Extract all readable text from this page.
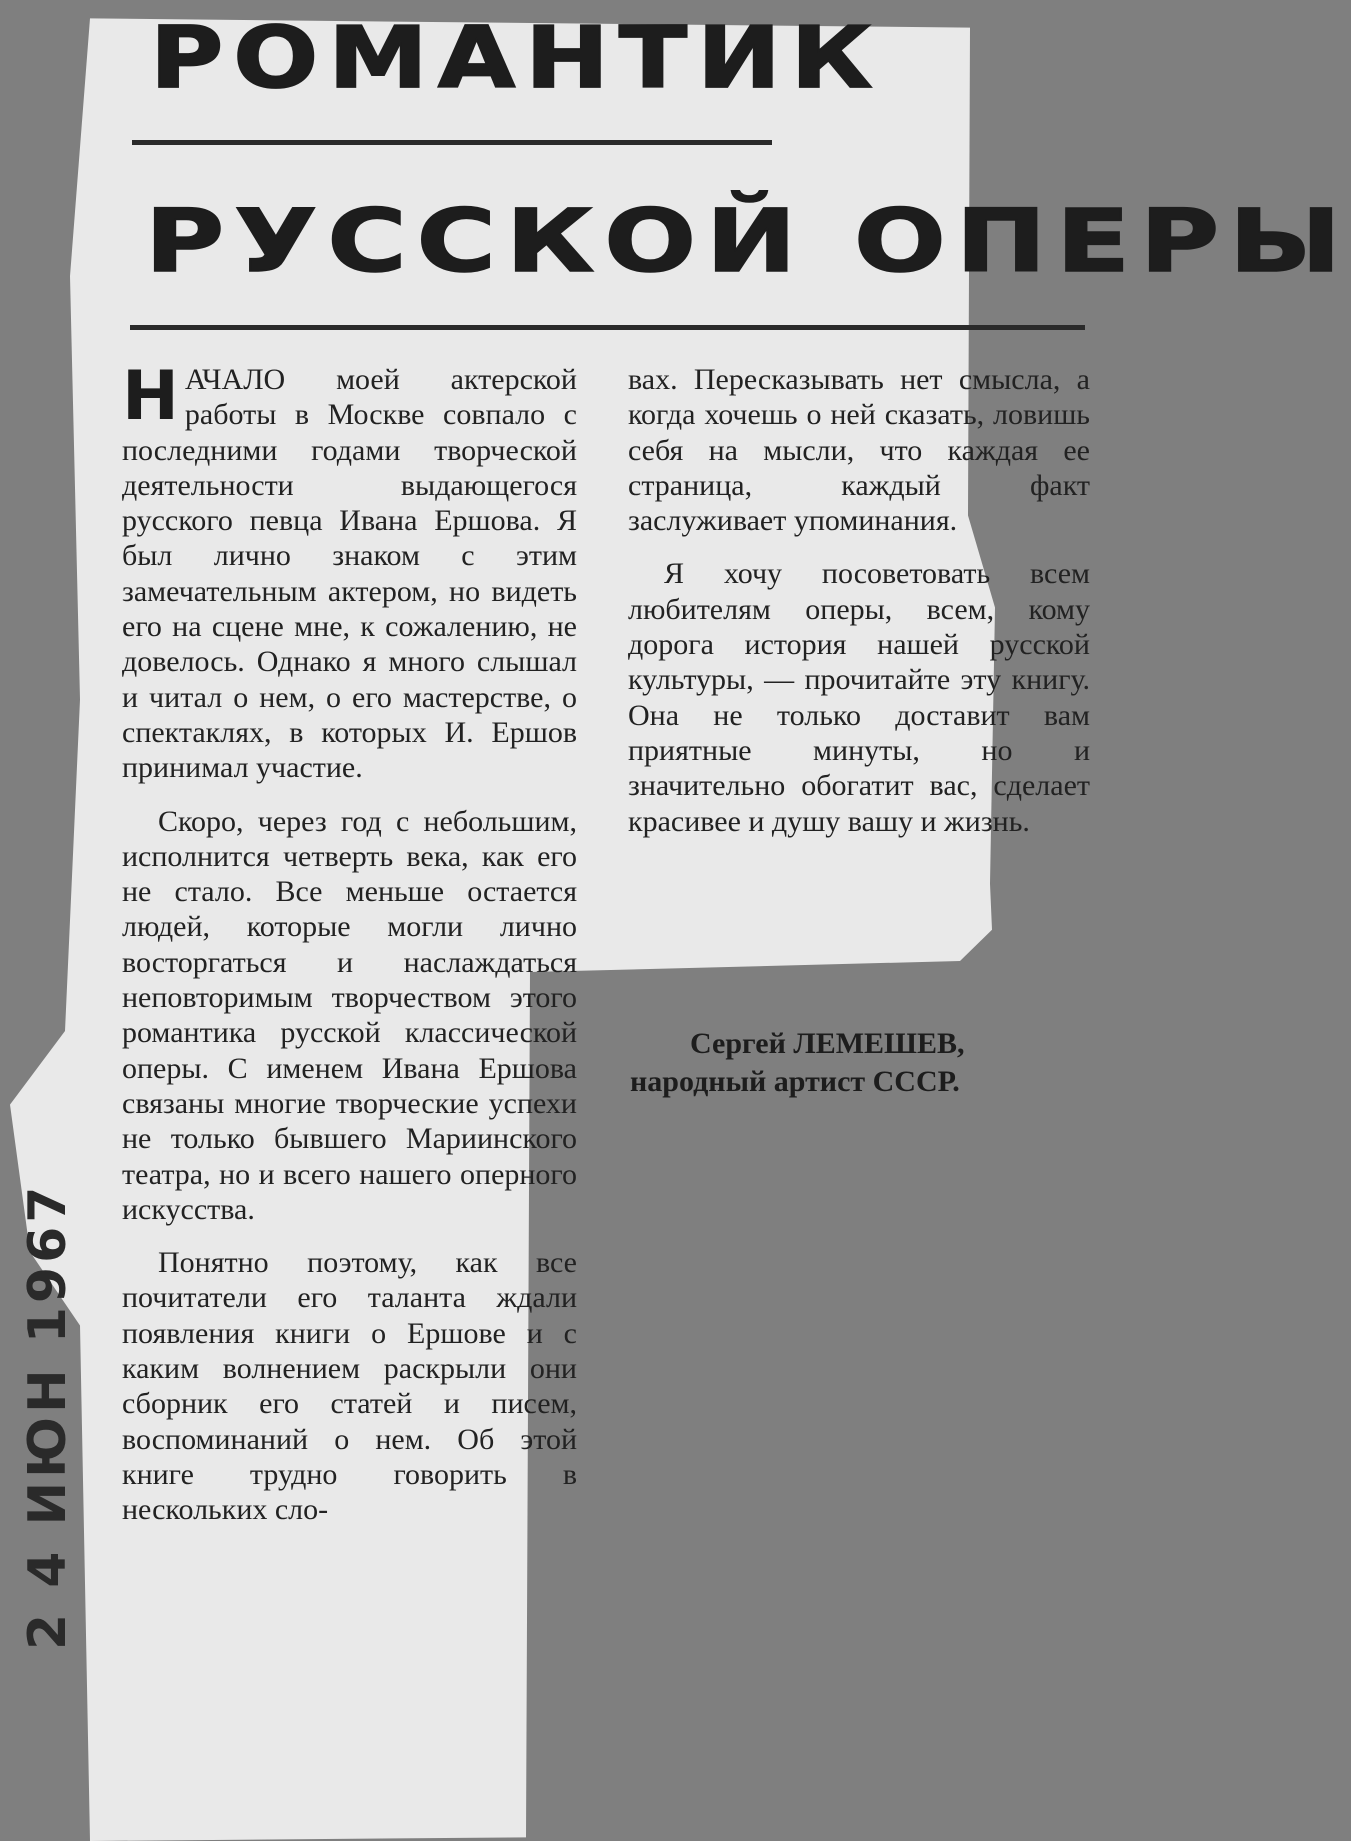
РОМАНТИК
РУССКОЙ ОПЕРЫ

НАЧАЛО моей актерской работы в Москве совпало с последними годами творческой деятельности выдающегося русского певца Ивана Ершова. Я был лично знаком с этим замечательным актером, но видеть его на сцене мне, к сожалению, не довелось. Однако я много слышал и читал о нем, о его мастерстве, о спектаклях, в которых И. Ершов принимал участие.

Скоро, через год с небольшим, исполнится четверть века, как его не стало. Все меньше остается людей, которые могли лично восторгаться и наслаждаться неповторимым творчеством этого романтика русской классической оперы. С именем Ивана Ершова связаны многие творческие успехи не только бывшего Мариинского театра, но и всего нашего оперного искусства.

Понятно поэтому, как все почитатели его таланта ждали появления книги о Ершове и с каким волнением раскрыли они сборник его статей и писем, воспоминаний о нем. Об этой книге трудно говорить в нескольких сло-

вах. Пересказывать нет смысла, а когда хочешь о ней сказать, ловишь себя на мысли, что каждая ее страница, каждый факт заслуживает упоминания.

Я хочу посоветовать всем любителям оперы, всем, кому дорога история нашей русской культуры, — прочитайте эту книгу. Она не только доставит вам приятные минуты, но и значительно обогатит вас, сделает красивее и душу вашу и жизнь.

Сергей ЛЕМЕШЕВ,
народный артист СССР.
2 4 ИЮН 1967
